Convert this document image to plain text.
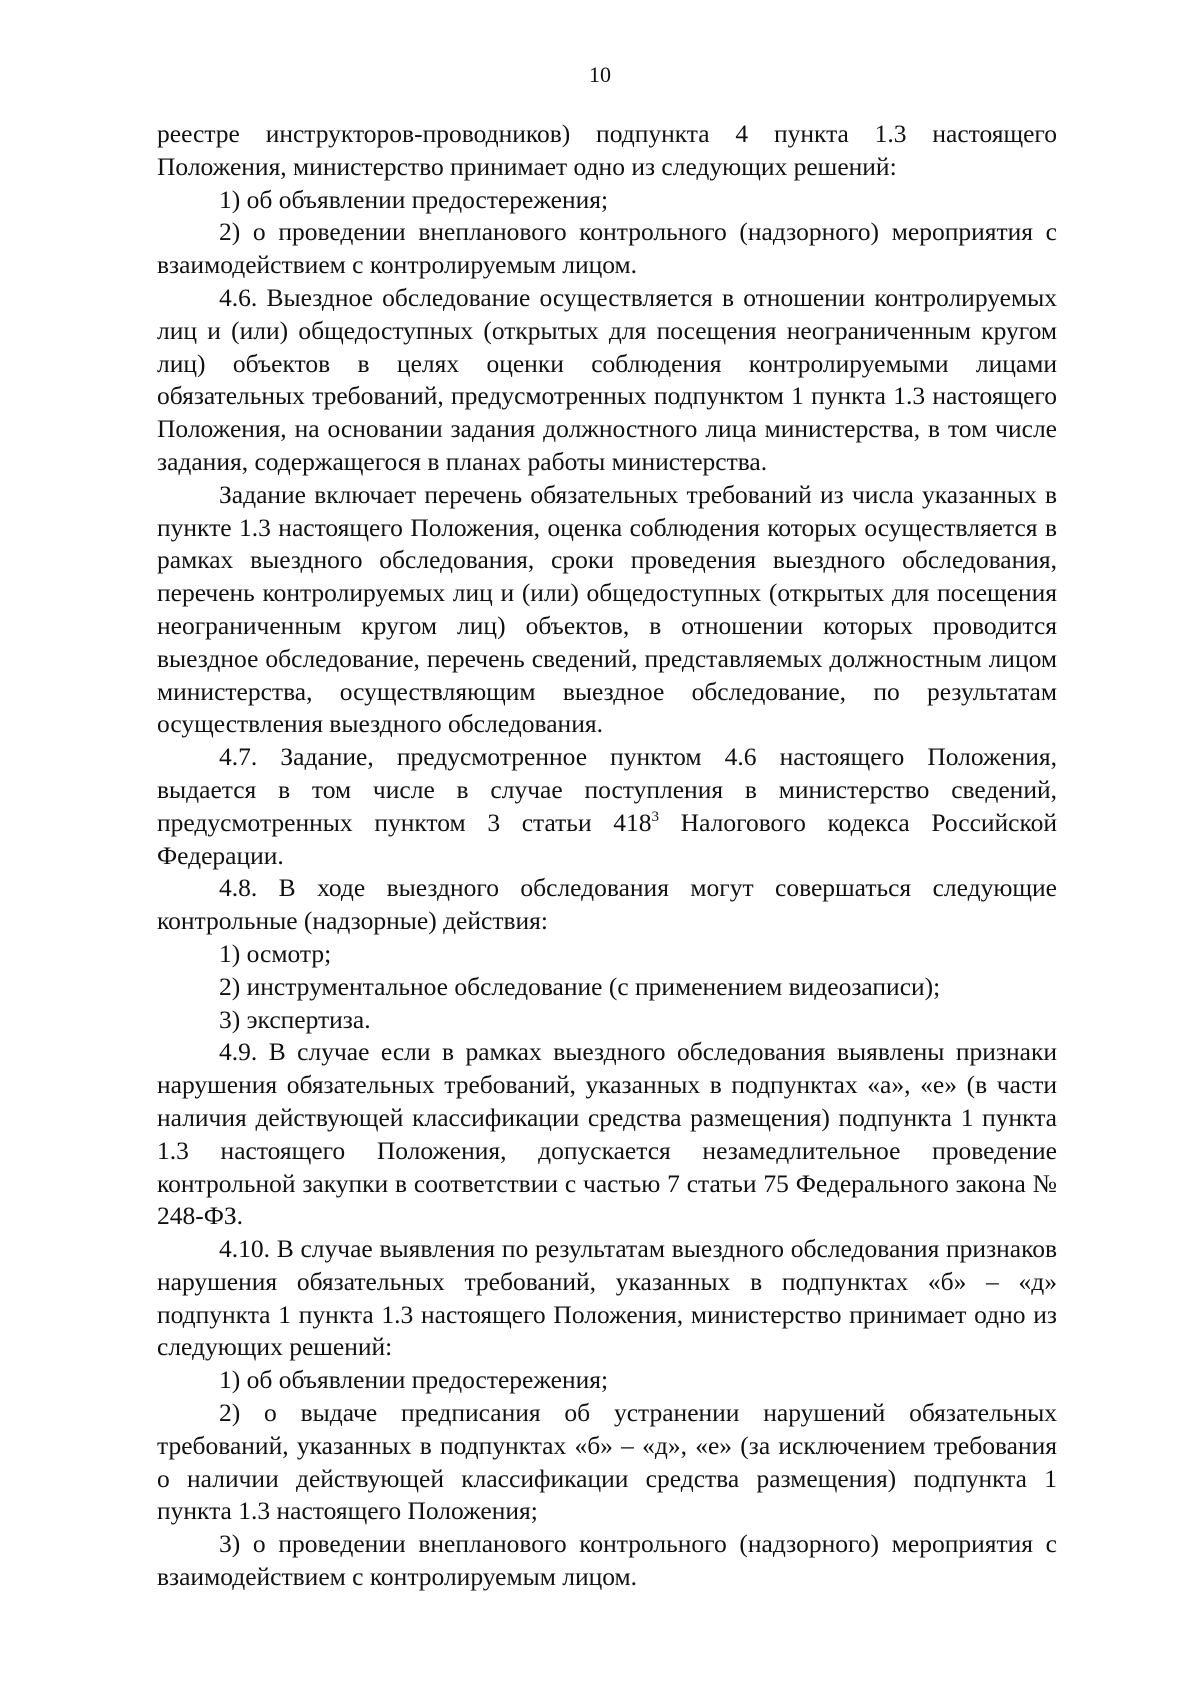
10

реестре инструкторов-проводников) подпункта 4 пункта 1.3 настоящего Положения, министерство принимает одно из следующих решений:

1) об объявлении предостережения;

2) о проведении внепланового контрольного (надзорного) мероприятия с взаимодействием с контролируемым лицом.

4.6. Выездное обследование осуществляется в отношении контролируемых лиц и (или) общедоступных (открытых для посещения неограниченным кругом лиц) объектов в целях оценки соблюдения контролируемыми лицами обязательных требований, предусмотренных подпунктом 1 пункта 1.3 настоящего Положения, на основании задания должностного лица министерства, в том числе задания, содержащегося в планах работы министерства.

Задание включает перечень обязательных требований из числа указанных в пункте 1.3 настоящего Положения, оценка соблюдения которых осуществляется в рамках выездного обследования, сроки проведения выездного обследования, перечень контролируемых лиц и (или) общедоступных (открытых для посещения неограниченным кругом лиц) объектов, в отношении которых проводится выездное обследование, перечень сведений, представляемых должностным лицом министерства, осуществляющим выездное обследование, по результатам осуществления выездного обследования.

4.7. Задание, предусмотренное пунктом 4.6 настоящего Положения, выдается в том числе в случае поступления в министерство сведений, предусмотренных пунктом 3 статьи $418^3$ Налогового кодекса Российской Федерации.

4.8. В ходе выездного обследования могут совершаться следующие контрольные (надзорные) действия:

1) осмотр;

2) инструментальное обследование (с применением видеозаписи);

3) экспертиза.

4.9. В случае если в рамках выездного обследования выявлены признаки нарушения обязательных требований, указанных в подпунктах «а», «е» (в части наличия действующей классификации средства размещения) подпункта 1 пункта 1.3 настоящего Положения, допускается незамедлительное проведение контрольной закупки в соответствии с частью 7 статьи 75 Федерального закона № 248-ФЗ.

4.10. В случае выявления по результатам выездного обследования признаков нарушения обязательных требований, указанных в подпунктах «б» – «д» подпункта 1 пункта 1.3 настоящего Положения, министерство принимает одно из следующих решений:

1) об объявлении предостережения;

2) о выдаче предписания об устранении нарушений обязательных требований, указанных в подпунктах «б» – «д», «е» (за исключением требования о наличии действующей классификации средства размещения) подпункта 1 пункта 1.3 настоящего Положения;

3) о проведении внепланового контрольного (надзорного) мероприятия с взаимодействием с контролируемым лицом.
